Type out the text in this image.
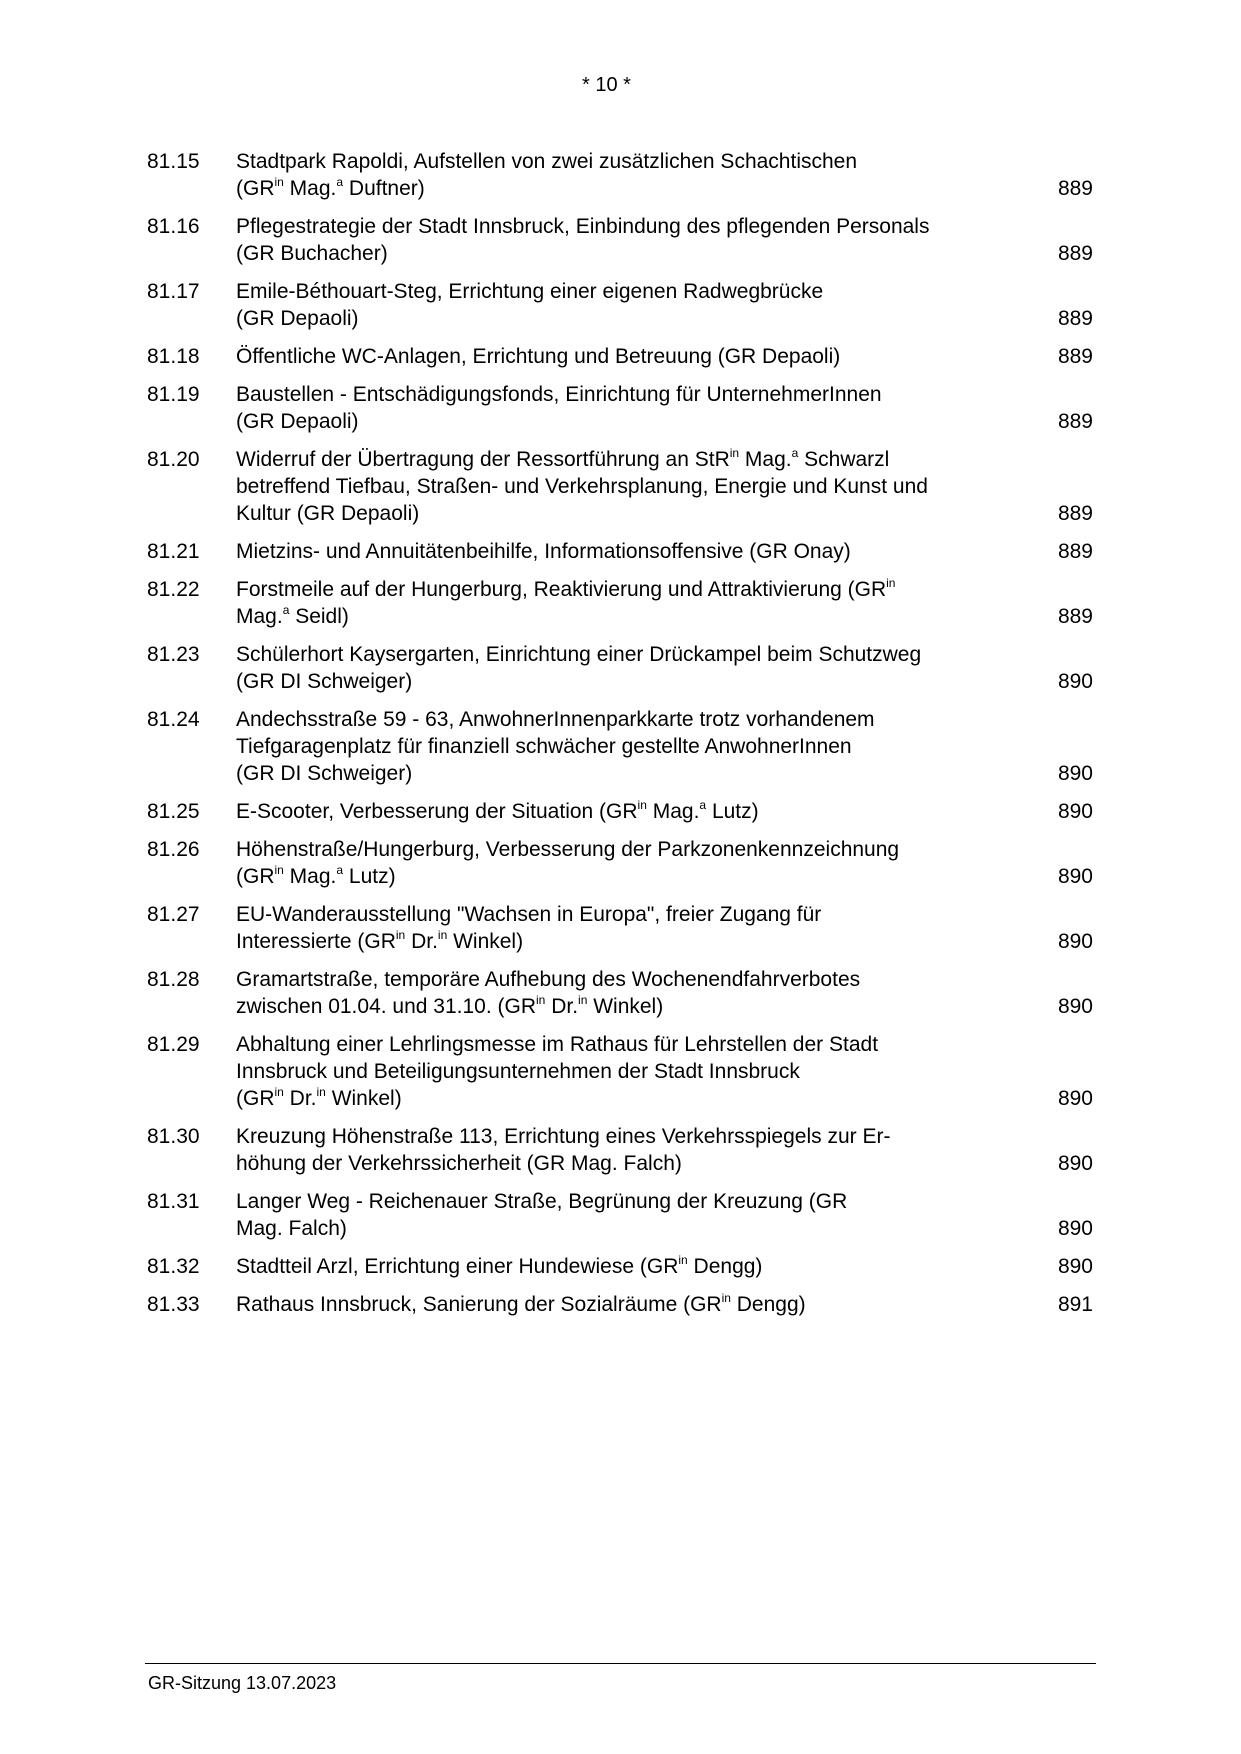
* 10 *
81.15	Stadtpark Rapoldi, Aufstellen von zwei zusätzlichen Schachtischen
($GR^{in}$ Mag.$^a$ Duftner)	889
81.16	Pflegestrategie der Stadt Innsbruck, Einbindung des pflegenden Personals
(GR Buchacher)	889
81.17	Emile-Béthouart-Steg, Errichtung einer eigenen Radwegbrücke
(GR Depaoli)	889
81.18	Öffentliche WC-Anlagen, Errichtung und Betreuung (GR Depaoli)	889
81.19	Baustellen - Entschädigungsfonds, Einrichtung für UnternehmerInnen
(GR Depaoli)	889
81.20	Widerruf der Übertragung der Ressortführung an StR$^{in}$ Mag.$^a$ Schwarzl
betreffend Tiefbau, Straßen- und Verkehrsplanung, Energie und Kunst und
Kultur (GR Depaoli)	889
81.21	Mietzins- und Annuitätenbeihilfe, Informationsoffensive (GR Onay)	889
81.22	Forstmeile auf der Hungerburg, Reaktivierung und Attraktivierung ($GR^{in}$
Mag.$^a$ Seidl)	889
81.23	Schülerhort Kaysergarten, Einrichtung einer Drückampel beim Schutzweg
(GR DI Schweiger)	890
81.24	Andechsstraße 59 - 63, AnwohnerInnenparkkarte trotz vorhandenem
Tiefgaragenplatz für finanziell schwächer gestellte AnwohnerInnen
(GR DI Schweiger)	890
81.25	E-Scooter, Verbesserung der Situation ($GR^{in}$ Mag.$^a$ Lutz)	890
81.26	Höhenstraße/Hungerburg, Verbesserung der Parkzonenkennzeichnung
($GR^{in}$ Mag.$^a$ Lutz)	890
81.27	EU-Wanderausstellung "Wachsen in Europa", freier Zugang für
Interessierte ($GR^{in}$ Dr.$^{in}$ Winkel)	890
81.28	Gramartstraße, temporäre Aufhebung des Wochenendfahrverbotes
zwischen 01.04. und 31.10. ($GR^{in}$ Dr.$^{in}$ Winkel)	890
81.29	Abhaltung einer Lehrlingsmesse im Rathaus für Lehrstellen der Stadt
Innsbruck und Beteiligungsunternehmen der Stadt Innsbruck
($GR^{in}$ Dr.$^{in}$ Winkel)	890
81.30	Kreuzung Höhenstraße 113, Errichtung eines Verkehrsspiegels zur Er-
höhung der Verkehrssicherheit (GR Mag. Falch)	890
81.31	Langer Weg - Reichenauer Straße, Begrünung der Kreuzung (GR
Mag. Falch)	890
81.32	Stadtteil Arzl, Errichtung einer Hundewiese ($GR^{in}$ Dengg)	890
81.33	Rathaus Innsbruck, Sanierung der Sozialräume ($GR^{in}$ Dengg)	891
GR-Sitzung 13.07.2023
